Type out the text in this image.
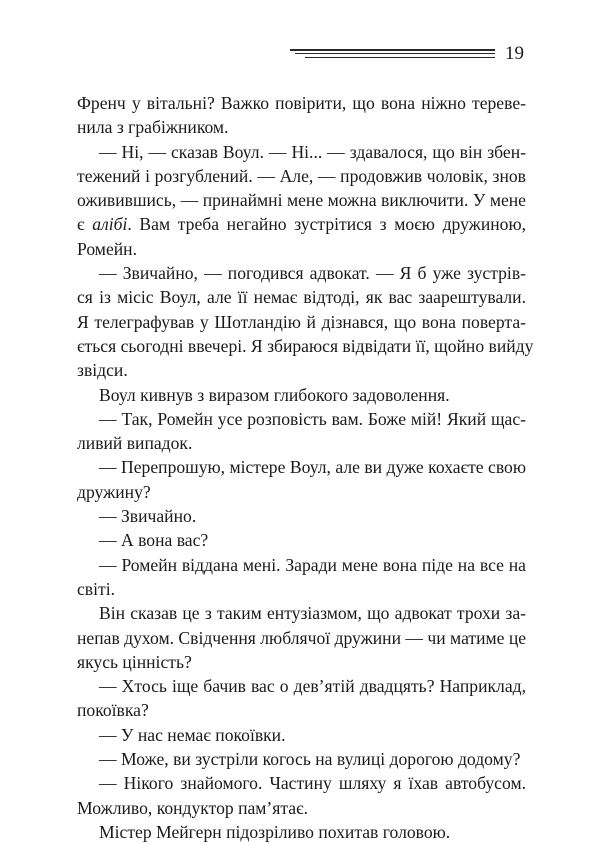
19
Френч у вітальні? Важко повірити, що вона ніжно тереве-
нила з грабіжником.
— Ні, — сказав Воул. — Ні... — здавалося, що він збен-
тежений і розгублений. — Але, — продовжив чоловік, знов
оживившись, — принаймні мене можна виключити. У мене
є алібі. Вам треба негайно зустрітися з моєю дружиною,
Ромейн.
— Звичайно, — погодився адвокат. — Я б уже зустрів-
ся із місіс Воул, але її немає відтоді, як вас заарештували.
Я телеграфував у Шотландію й дізнався, що вона поверта-
ється сьогодні ввечері. Я збираюся відвідати її, щойно вийду
звідси.
Воул кивнув з виразом глибокого задоволення.
— Так, Ромейн усе розповість вам. Боже мій! Який щас-
ливий випадок.
— Перепрошую, містере Воул, але ви дуже кохаєте свою
дружину?
— Звичайно.
— А вона вас?
— Ромейн віддана мені. Заради мене вона піде на все на
світі.
Він сказав це з таким ентузіазмом, що адвокат трохи за-
непав духом. Свідчення люблячої дружини — чи матиме це
якусь цінність?
— Хтось іще бачив вас о дев’ятій двадцять? Наприклад,
покоївка?
— У нас немає покоївки.
— Може, ви зустріли когось на вулиці дорогою додому?
— Нікого знайомого. Частину шляху я їхав автобусом.
Можливо, кондуктор пам’ятає.
Містер Мейгерн підозріливо похитав головою.
